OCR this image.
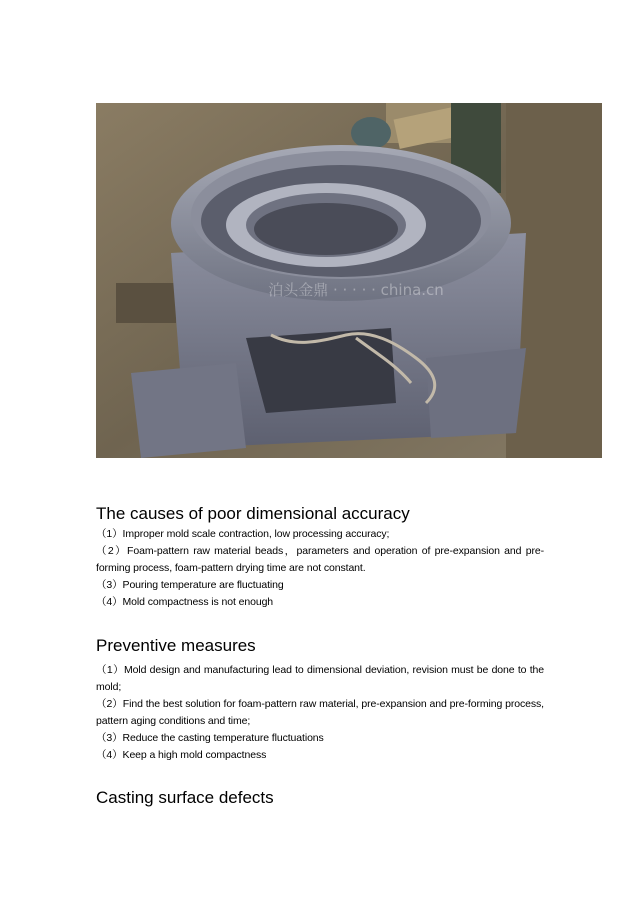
泊头金鼎 · · · · · china.cn
The causes of poor dimensional accuracy

（1）Improper mold scale contraction, low processing accuracy;

（2）Foam-pattern raw material beads，parameters and operation of pre-expansion and pre-forming process, foam-pattern drying time are not constant.

（3）Pouring temperature are fluctuating

（4）Mold compactness is not enough

Preventive measures

（1）Mold design and manufacturing lead to dimensional deviation, revision must be done to the mold;

（2）Find the best solution for foam-pattern raw material, pre-expansion and pre-forming process, pattern aging conditions and time;

（3）Reduce the casting temperature fluctuations

（4）Keep a high mold compactness

Casting surface defects
